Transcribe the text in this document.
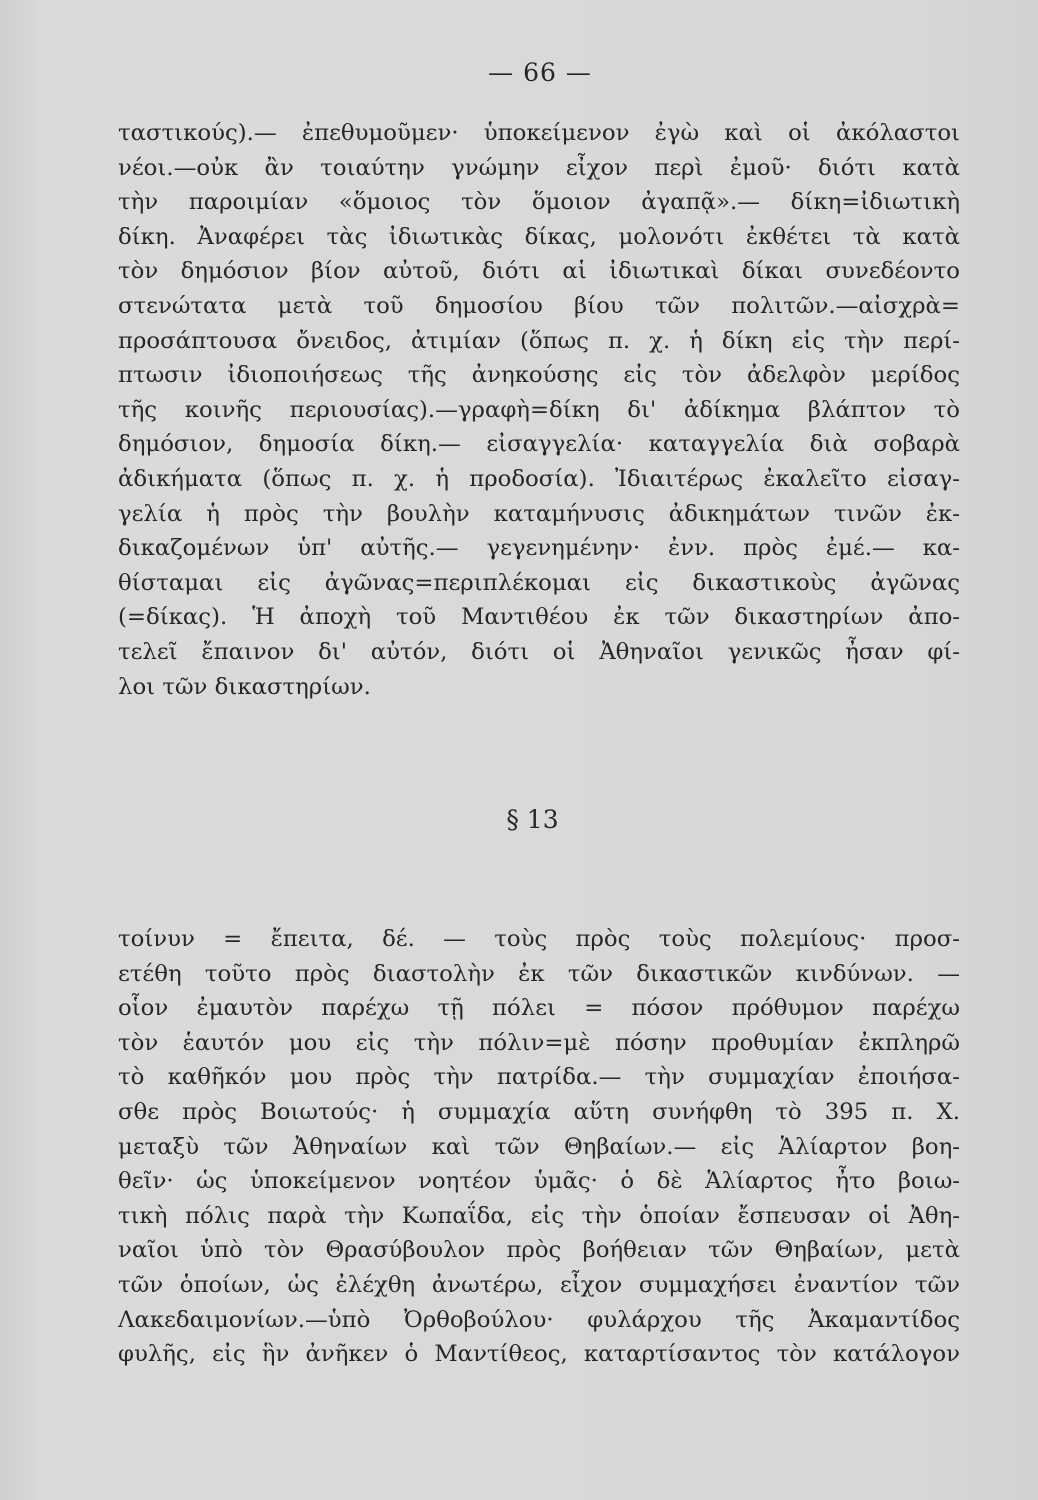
— 66 —
ταστικούς).— ἐπεθυμοῦμεν· ὑποκείμενον ἐγὼ καὶ οἱ ἀκόλαστοι
νέοι.—οὐκ ἂν τοιαύτην γνώμην εἶχον περὶ ἐμοῦ· διότι κατὰ
τὴν παροιμίαν «ὅμοιος τὸν ὅμοιον ἀγαπᾷ».— δίκη=ἰδιωτικὴ
δίκη. Ἀναφέρει τὰς ἰδιωτικὰς δίκας, μολονότι ἐκθέτει τὰ κατὰ
τὸν δημόσιον βίον αὐτοῦ, διότι αἱ ἰδιωτικαὶ δίκαι συνεδέοντο
στενώτατα μετὰ τοῦ δημοσίου βίου τῶν πολιτῶν.—αἰσχρὰ=
προσάπτουσα ὄνειδος, ἀτιμίαν (ὅπως π. χ. ἡ δίκη εἰς τὴν περί-
πτωσιν ἰδιοποιήσεως τῆς ἀνηκούσης εἰς τὸν ἀδελφὸν μερίδος
τῆς κοινῆς περιουσίας).—γραφὴ=δίκη δι' ἀδίκημα βλάπτον τὸ
δημόσιον, δημοσία δίκη.— εἰσαγγελία· καταγγελία διὰ σοβαρὰ
ἀδικήματα (ὅπως π. χ. ἡ προδοσία). Ἰδιαιτέρως ἐκαλεῖτο εἰσαγ-
γελία ἡ πρὸς τὴν βουλὴν καταμήνυσις ἀδικημάτων τινῶν ἐκ-
δικαζομένων ὑπ' αὐτῆς.— γεγενημένην· ἐνν. πρὸς ἐμέ.— κα-
θίσταμαι εἰς ἀγῶνας=περιπλέκομαι εἰς δικαστικοὺς ἀγῶνας
(=δίκας). Ἡ ἀποχὴ τοῦ Μαντιθέου ἐκ τῶν δικαστηρίων ἀπο-
τελεῖ ἔπαινον δι' αὐτόν, διότι οἱ Ἀθηναῖοι γενικῶς ἦσαν φί-
λοι τῶν δικαστηρίων.
§ 13
τοίνυν = ἔπειτα, δέ. — τοὺς πρὸς τοὺς πολεμίους· προσ-
ετέθη τοῦτο πρὸς διαστολὴν ἐκ τῶν δικαστικῶν κινδύνων. —
οἷον ἐμαυτὸν παρέχω τῇ πόλει = πόσον πρόθυμον παρέχω
τὸν ἑαυτόν μου εἰς τὴν πόλιν=μὲ πόσην προθυμίαν ἐκπληρῶ
τὸ καθῆκόν μου πρὸς τὴν πατρίδα.— τὴν συμμαχίαν ἐποιήσα-
σθε πρὸς Βοιωτούς· ἡ συμμαχία αὕτη συνήφθη τὸ 395 π. Χ.
μεταξὺ τῶν Ἀθηναίων καὶ τῶν Θηβαίων.— εἰς Ἁλίαρτον βοη-
θεῖν· ὡς ὑποκείμενον νοητέον ὑμᾶς· ὁ δὲ Ἁλίαρτος ἦτο βοιω-
τικὴ πόλις παρὰ τὴν Κωπαΐδα, εἰς τὴν ὁποίαν ἔσπευσαν οἱ Ἀθη-
ναῖοι ὑπὸ τὸν Θρασύβουλον πρὸς βοήθειαν τῶν Θηβαίων, μετὰ
τῶν ὁποίων, ὡς ἐλέχθη ἀνωτέρω, εἶχον συμμαχήσει ἐναντίον τῶν
Λακεδαιμονίων.—ὑπὸ Ὀρθοβούλου· φυλάρχου τῆς Ἀκαμαντίδος
φυλῆς, εἰς ἣν ἀνῆκεν ὁ Μαντίθεος, καταρτίσαντος τὸν κατάλογον
